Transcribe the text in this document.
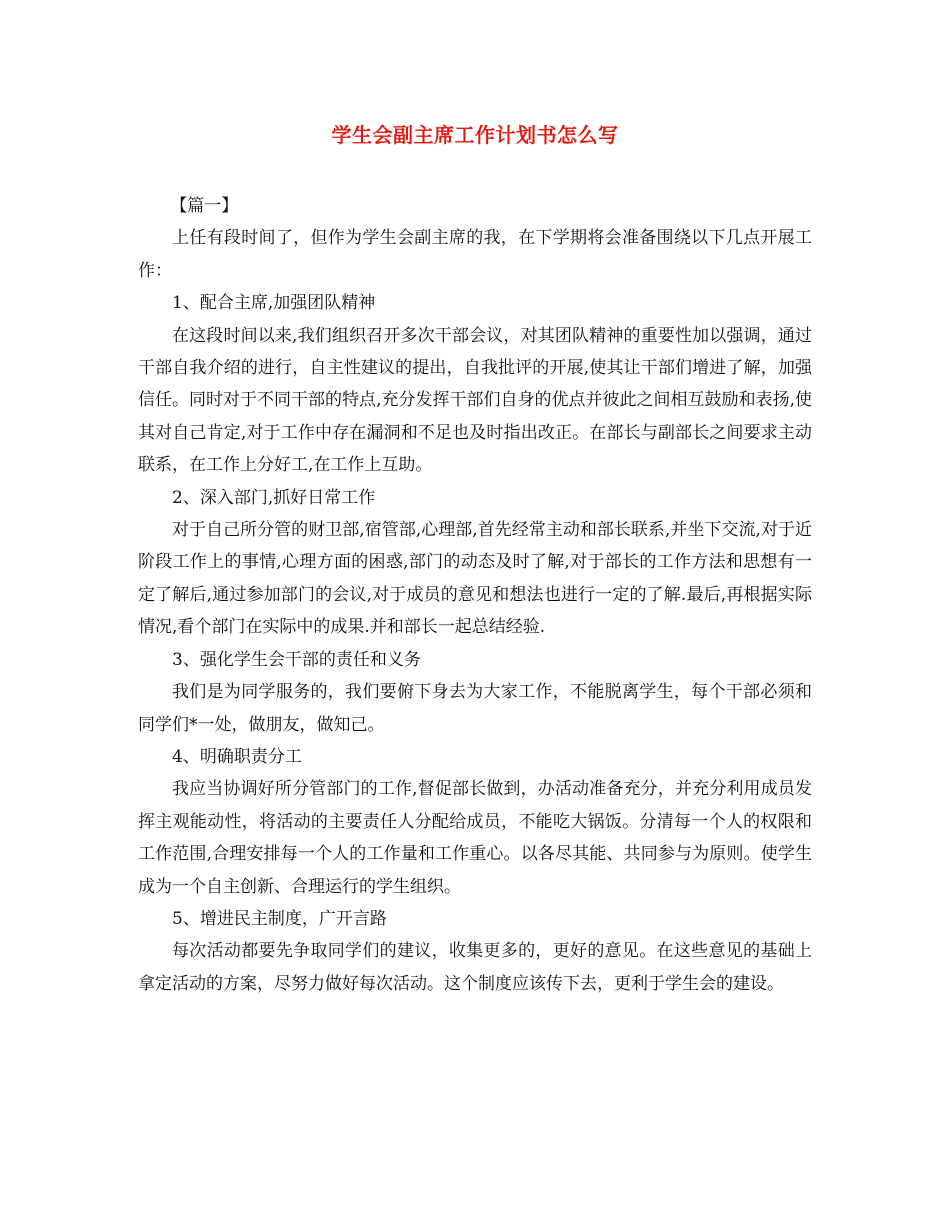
学生会副主席工作计划书怎么写

【篇一】

上任有段时间了，但作为学生会副主席的我，在下学期将会准备围绕以下几点开展工作：

1、配合主席,加强团队精神

在这段时间以来,我们组织召开多次干部会议，对其团队精神的重要性加以强调，通过干部自我介绍的进行，自主性建议的提出，自我批评的开展,使其让干部们增进了解，加强信任。同时对于不同干部的特点,充分发挥干部们自身的优点并彼此之间相互鼓励和表扬,使其对自己肯定,对于工作中存在漏洞和不足也及时指出改正。在部长与副部长之间要求主动联系，在工作上分好工,在工作上互助。

2、深入部门,抓好日常工作

对于自己所分管的财卫部,宿管部,心理部,首先经常主动和部长联系,并坐下交流,对于近阶段工作上的事情,心理方面的困惑,部门的动态及时了解,对于部长的工作方法和思想有一定了解后,通过参加部门的会议,对于成员的意见和想法也进行一定的了解.最后,再根据实际情况,看个部门在实际中的成果.并和部长一起总结经验.

3、强化学生会干部的责任和义务

我们是为同学服务的，我们要俯下身去为大家工作，不能脱离学生，每个干部必须和同学们*一处，做朋友，做知己。

4、明确职责分工

我应当协调好所分管部门的工作,督促部长做到，办活动准备充分，并充分利用成员发挥主观能动性，将活动的主要责任人分配给成员，不能吃大锅饭。分清每一个人的权限和工作范围,合理安排每一个人的工作量和工作重心。以各尽其能、共同参与为原则。使学生成为一个自主创新、合理运行的学生组织。

5、增进民主制度，广开言路

每次活动都要先争取同学们的建议，收集更多的，更好的意见。在这些意见的基础上拿定活动的方案，尽努力做好每次活动。这个制度应该传下去，更利于学生会的建设。
